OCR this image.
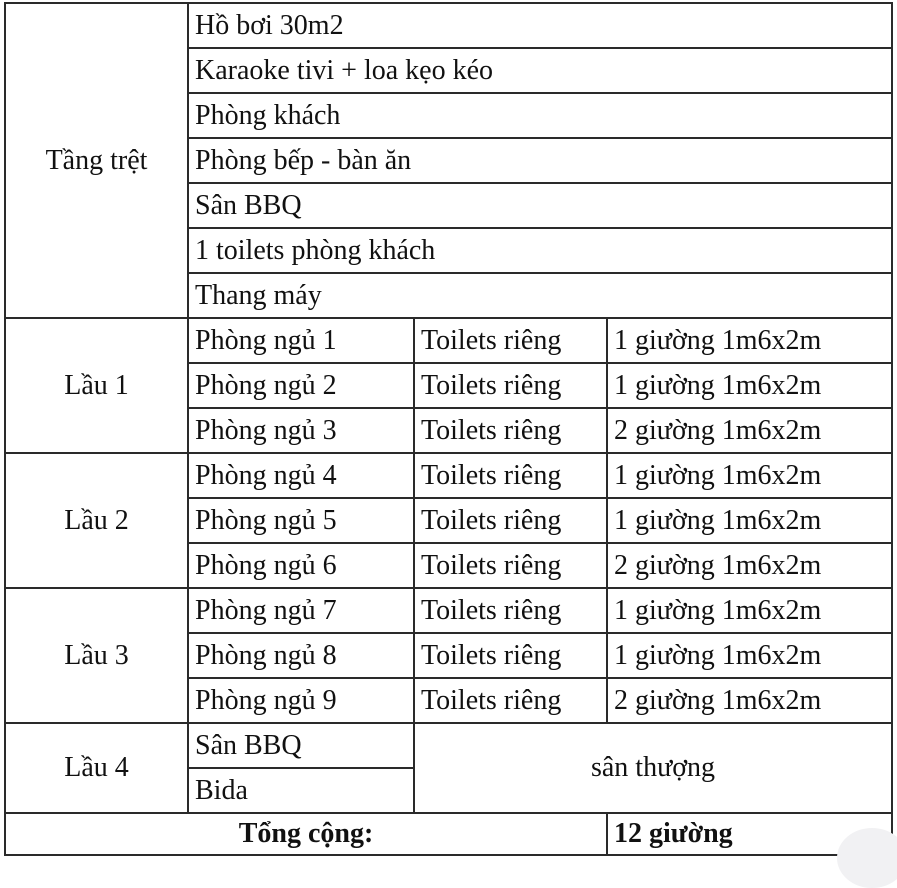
Tầng trệt	Hồ bơi 30m2		
	Karaoke tivi + loa kẹo kéo		
	Phòng khách		
	Phòng bếp - bàn ăn		
	Sân BBQ		
	1 toilets phòng khách		
	Thang máy		
Lầu 1	Phòng ngủ 1	Toilets riêng	1 giường 1m6x2m
	Phòng ngủ 2	Toilets riêng	1 giường 1m6x2m
	Phòng ngủ 3	Toilets riêng	2 giường 1m6x2m
Lầu 2	Phòng ngủ 4	Toilets riêng	1 giường 1m6x2m
	Phòng ngủ 5	Toilets riêng	1 giường 1m6x2m
	Phòng ngủ 6	Toilets riêng	2 giường 1m6x2m
Lầu 3	Phòng ngủ 7	Toilets riêng	1 giường 1m6x2m
	Phòng ngủ 8	Toilets riêng	1 giường 1m6x2m
	Phòng ngủ 9	Toilets riêng	2 giường 1m6x2m
Lầu 4	Sân BBQ	sân thượng	
	Bida		
Tổng cộng:			12 giường
